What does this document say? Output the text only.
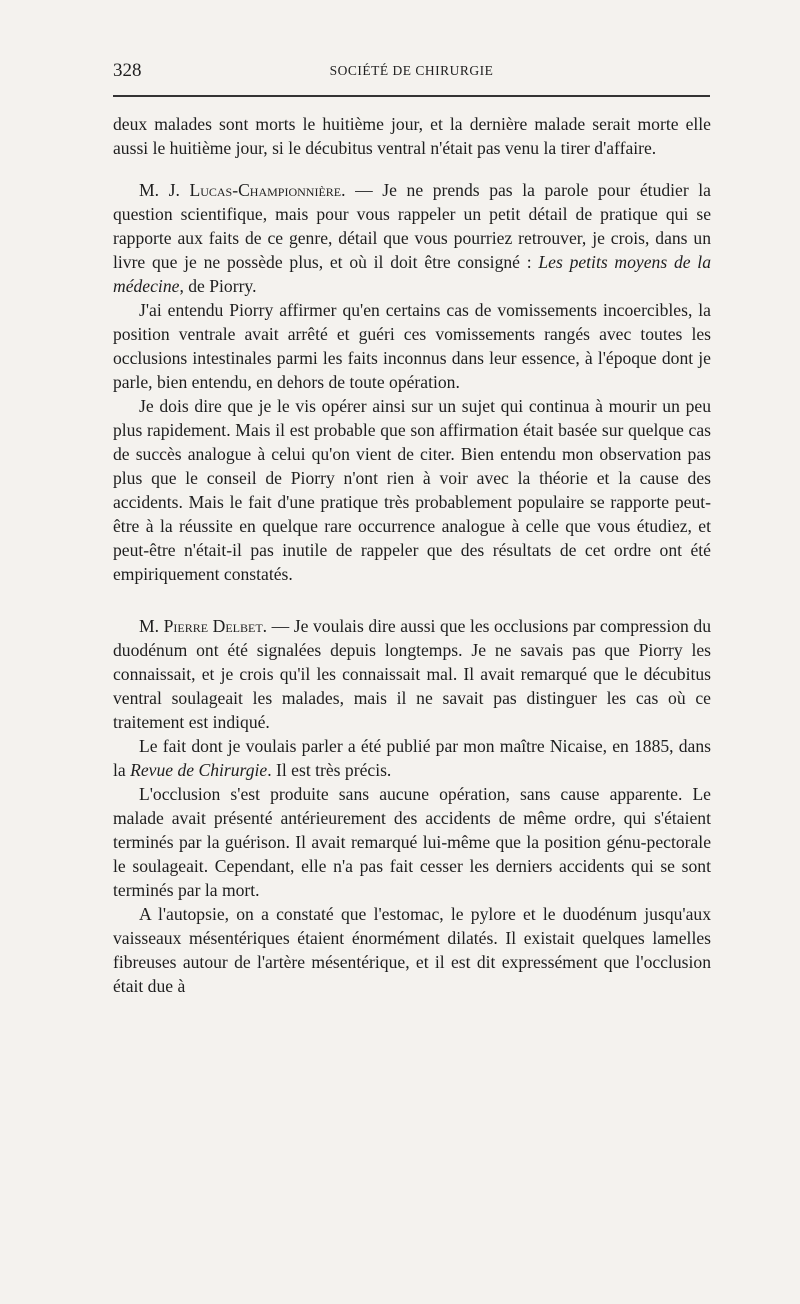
328	SOCIÉTÉ DE CHIRURGIE

deux malades sont morts le huitième jour, et la dernière malade serait morte elle aussi le huitième jour, si le décubitus ventral n'était pas venu la tirer d'affaire.

M. J. Lucas-Championnière. — Je ne prends pas la parole pour étudier la question scientifique, mais pour vous rappeler un petit détail de pratique qui se rapporte aux faits de ce genre, détail que vous pourriez retrouver, je crois, dans un livre que je ne possède plus, et où il doit être consigné : Les petits moyens de la médecine, de Piorry.

J'ai entendu Piorry affirmer qu'en certains cas de vomissements incoercibles, la position ventrale avait arrêté et guéri ces vomissements rangés avec toutes les occlusions intestinales parmi les faits inconnus dans leur essence, à l'époque dont je parle, bien entendu, en dehors de toute opération.

Je dois dire que je le vis opérer ainsi sur un sujet qui continua à mourir un peu plus rapidement. Mais il est probable que son affirmation était basée sur quelque cas de succès analogue à celui qu'on vient de citer. Bien entendu mon observation pas plus que le conseil de Piorry n'ont rien à voir avec la théorie et la cause des accidents. Mais le fait d'une pratique très probablement populaire se rapporte peut-être à la réussite en quelque rare occurrence analogue à celle que vous étudiez, et peut-être n'était-il pas inutile de rappeler que des résultats de cet ordre ont été empiriquement constatés.

M. Pierre Delbet. — Je voulais dire aussi que les occlusions par compression du duodénum ont été signalées depuis longtemps. Je ne savais pas que Piorry les connaissait, et je crois qu'il les connaissait mal. Il avait remarqué que le décubitus ventral soulageait les malades, mais il ne savait pas distinguer les cas où ce traitement est indiqué.

Le fait dont je voulais parler a été publié par mon maître Nicaise, en 1885, dans la Revue de Chirurgie. Il est très précis.

L'occlusion s'est produite sans aucune opération, sans cause apparente. Le malade avait présenté antérieurement des accidents de même ordre, qui s'étaient terminés par la guérison. Il avait remarqué lui-même que la position génu-pectorale le soulageait. Cependant, elle n'a pas fait cesser les derniers accidents qui se sont terminés par la mort.

A l'autopsie, on a constaté que l'estomac, le pylore et le duodénum jusqu'aux vaisseaux mésentériques étaient énormément dilatés. Il existait quelques lamelles fibreuses autour de l'artère mésentérique, et il est dit expressément que l'occlusion était due à
